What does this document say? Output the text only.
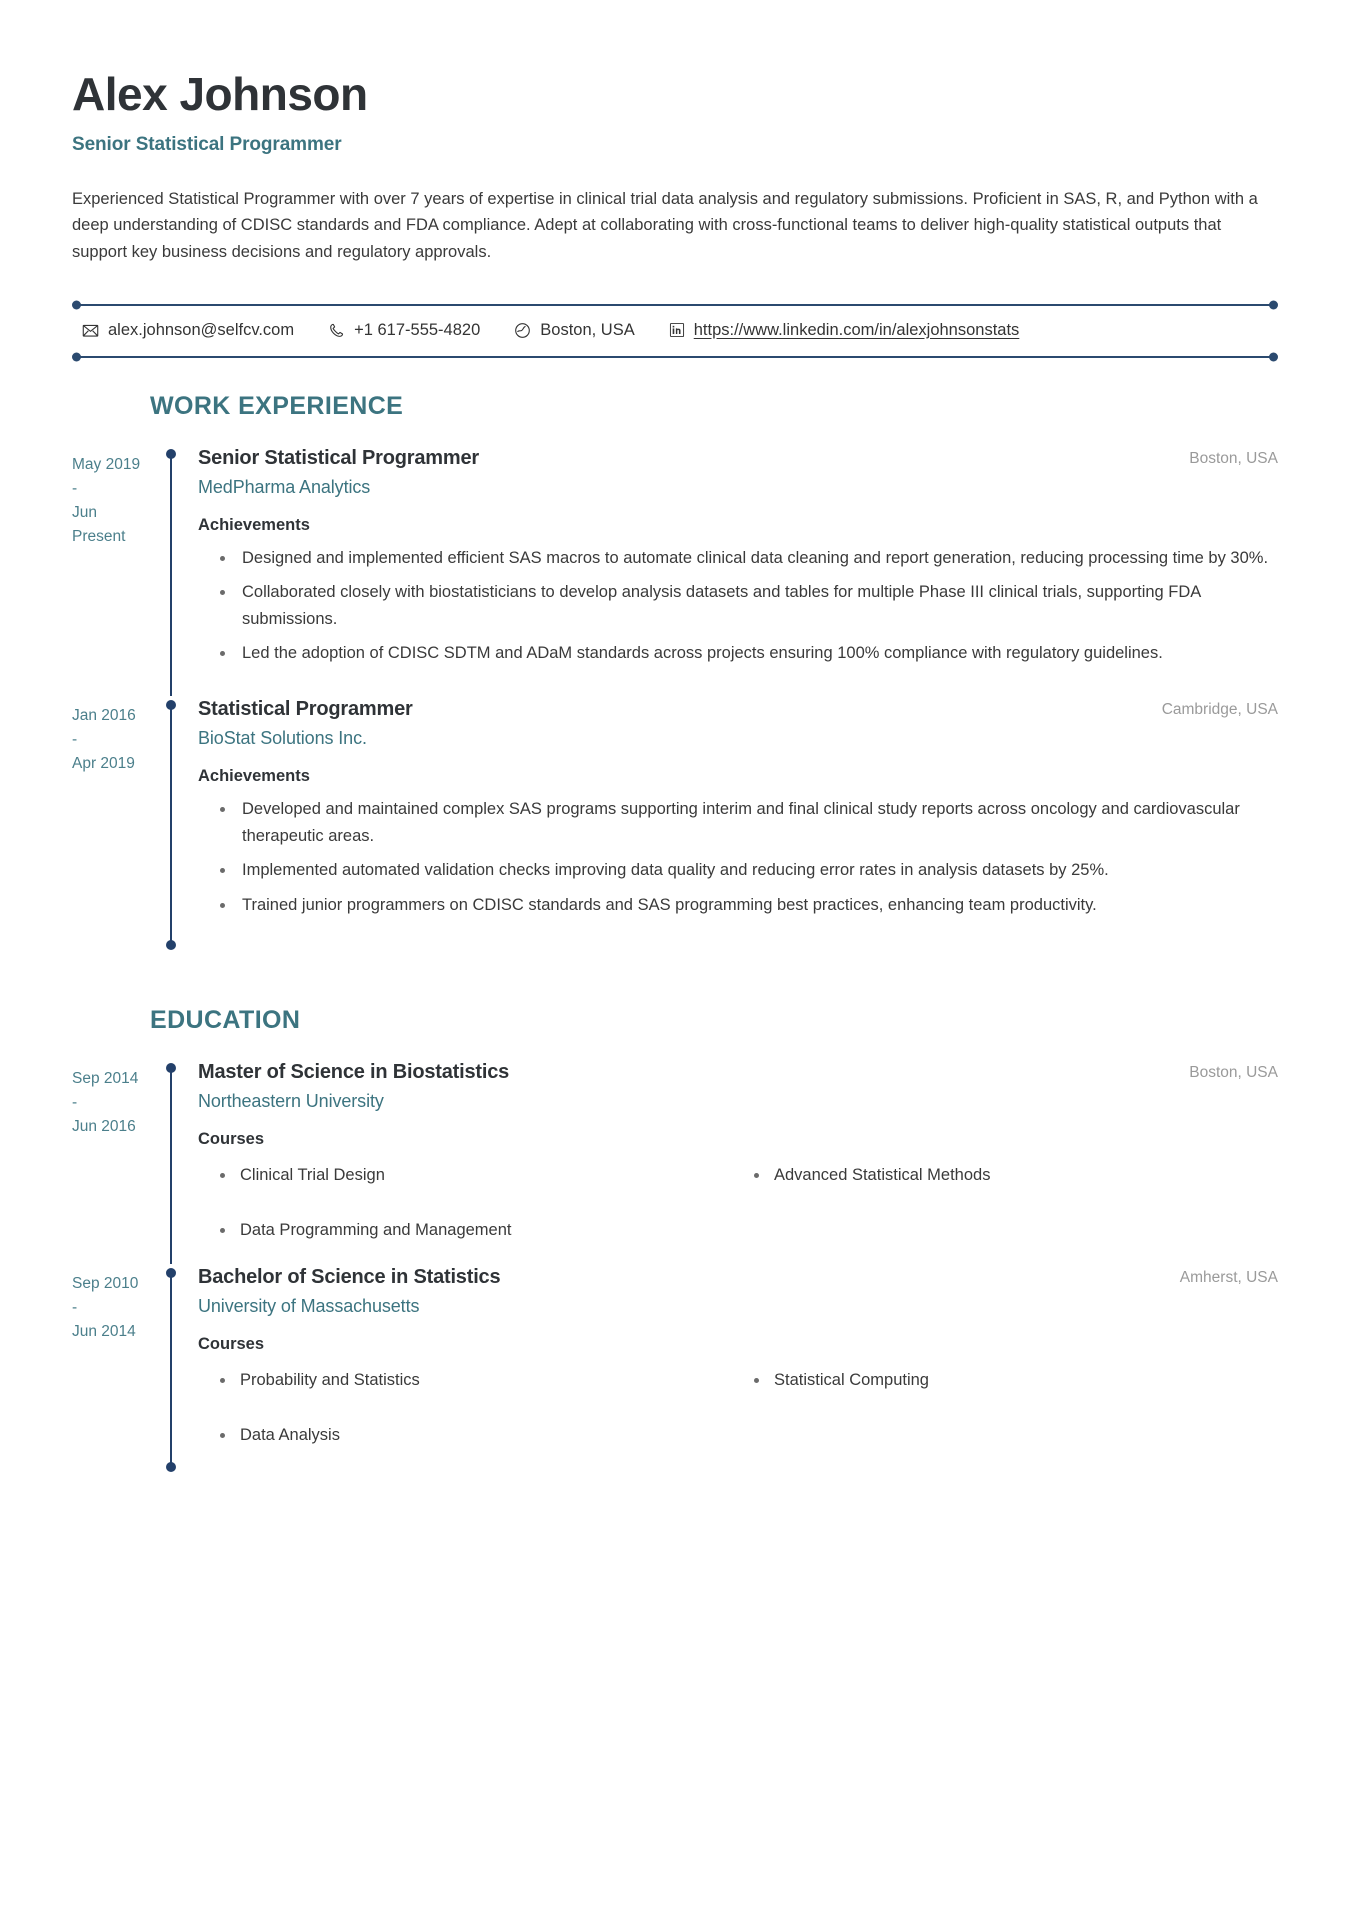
Alex Johnson
Senior Statistical Programmer

Experienced Statistical Programmer with over 7 years of expertise in clinical trial data analysis and regulatory submissions. Proficient in SAS, R, and Python with a deep understanding of CDISC standards and FDA compliance. Adept at collaborating with cross-functional teams to deliver high-quality statistical outputs that support key business decisions and regulatory approvals.

alex.johnson@selfcv.com	+1 617-555-4820	Boston, USA	https://www.linkedin.com/in/alexjohnsonstats
WORK EXPERIENCE
May 2019
-
Jun
Present
Senior Statistical Programmer	Boston, USA
MedPharma Analytics
Achievements
Designed and implemented efficient SAS macros to automate clinical data cleaning and report generation, reducing processing time by 30%.
Collaborated closely with biostatisticians to develop analysis datasets and tables for multiple Phase III clinical trials, supporting FDA submissions.
Led the adoption of CDISC SDTM and ADaM standards across projects ensuring 100% compliance with regulatory guidelines.
Jan 2016
-
Apr 2019
Statistical Programmer	Cambridge, USA
BioStat Solutions Inc.
Achievements
Developed and maintained complex SAS programs supporting interim and final clinical study reports across oncology and cardiovascular therapeutic areas.
Implemented automated validation checks improving data quality and reducing error rates in analysis datasets by 25%.
Trained junior programmers on CDISC standards and SAS programming best practices, enhancing team productivity.
EDUCATION
Sep 2014
-
Jun 2016
Master of Science in Biostatistics	Boston, USA
Northeastern University
Courses
Clinical Trial Design	Advanced Statistical Methods
Data Programming and Management
Sep 2010
-
Jun 2014
Bachelor of Science in Statistics	Amherst, USA
University of Massachusetts
Courses
Probability and Statistics	Statistical Computing
Data Analysis
